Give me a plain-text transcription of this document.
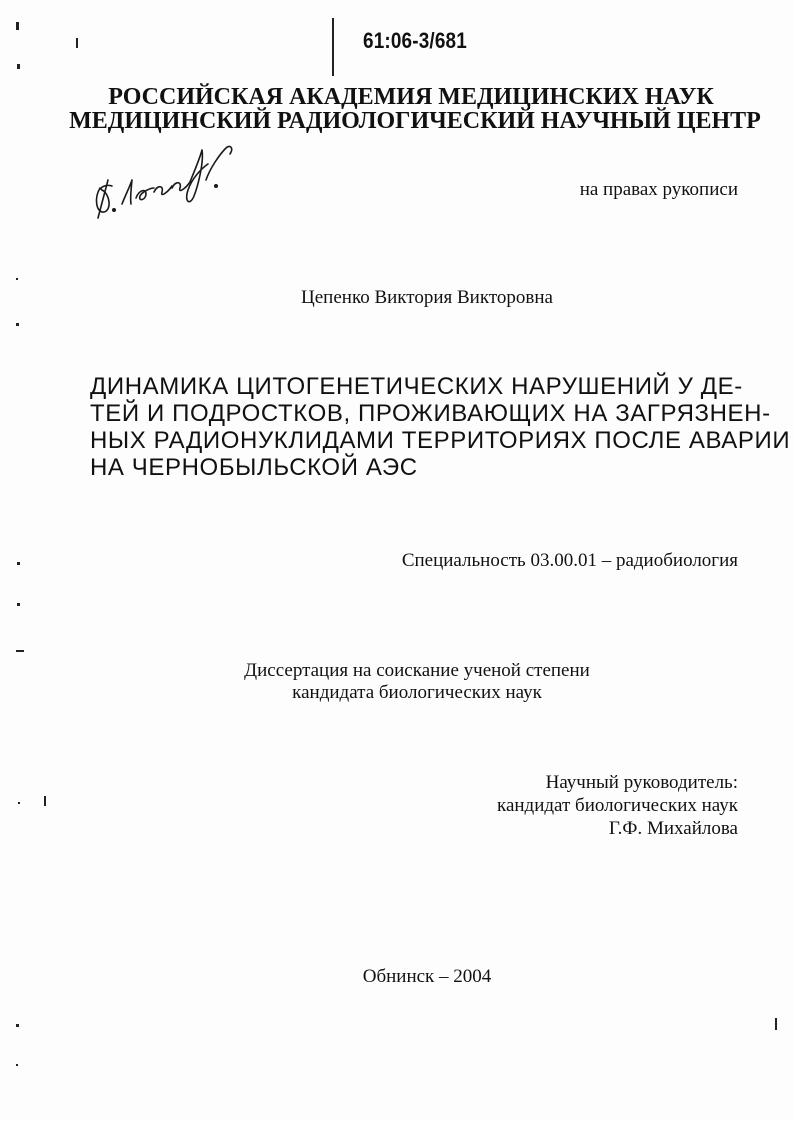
61:06-3/681
РОССИЙСКАЯ АКАДЕМИЯ МЕДИЦИНСКИХ НАУК
МЕДИЦИНСКИЙ РАДИОЛОГИЧЕСКИЙ НАУЧНЫЙ ЦЕНТР
на правах рукописи
Цепенко Виктория Викторовна
ДИНАМИКА ЦИТОГЕНЕТИЧЕСКИХ НАРУШЕНИЙ У ДЕ-
ТЕЙ И ПОДРОСТКОВ, ПРОЖИВАЮЩИХ НА ЗАГРЯЗНЕН-
НЫХ РАДИОНУКЛИДАМИ ТЕРРИТОРИЯХ ПОСЛЕ АВАРИИ
НА ЧЕРНОБЫЛЬСКОЙ АЭС
Специальность 03.00.01 – радиобиология
Диссертация на соискание ученой степени
кандидата биологических наук
Научный руководитель:
кандидат биологических наук
Г.Ф. Михайлова
Обнинск – 2004
